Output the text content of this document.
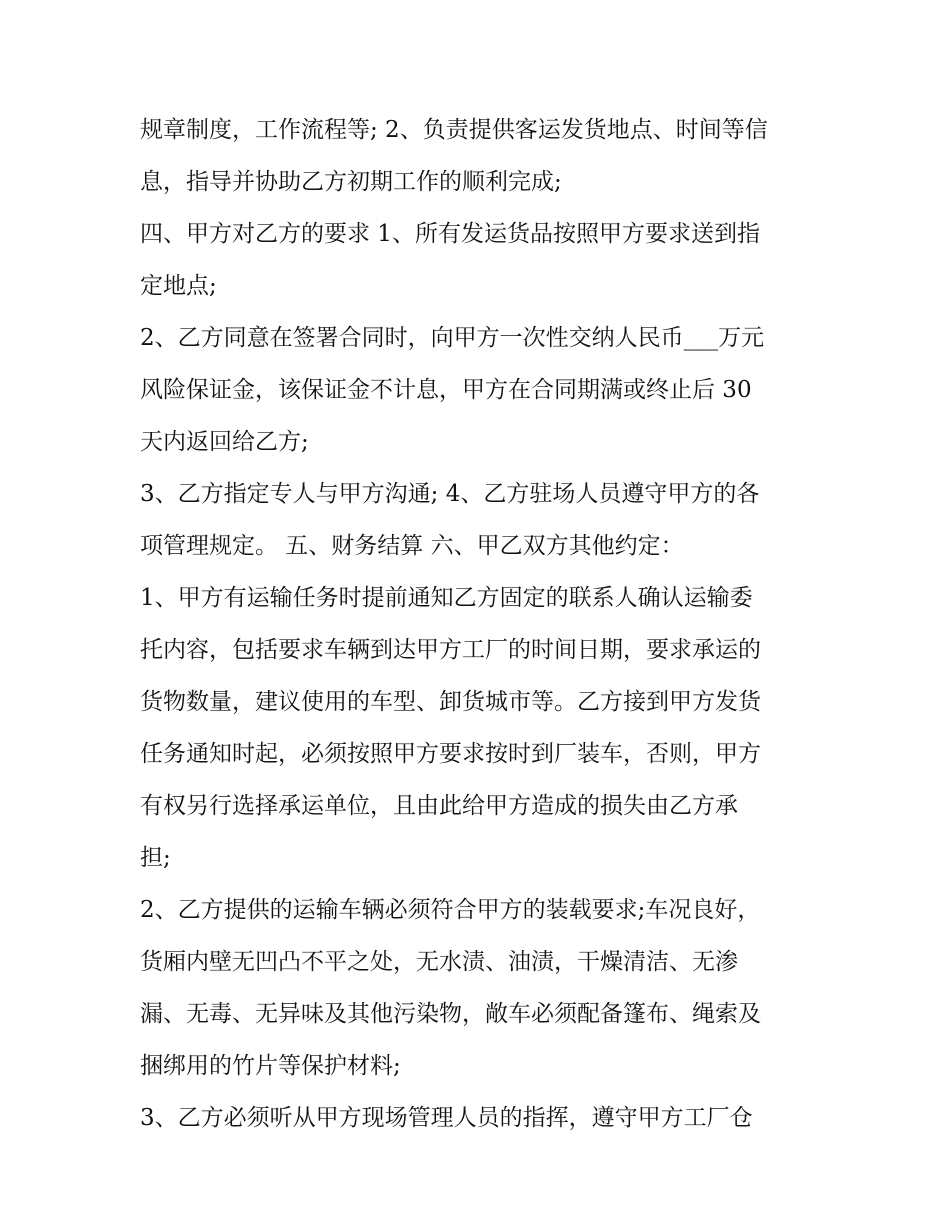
规章制度，工作流程等; 2、负责提供客运发货地点、时间等信
息，指导并协助乙方初期工作的顺利完成;
四、甲方对乙方的要求 1、所有发运货品按照甲方要求送到指
定地点;
2、乙方同意在签署合同时，向甲方一次性交纳人民币___万元
风险保证金，该保证金不计息，甲方在合同期满或终止后 30
天内返回给乙方;
3、乙方指定专人与甲方沟通; 4、乙方驻场人员遵守甲方的各
项管理规定。 五、财务结算 六、甲乙双方其他约定：
1、甲方有运输任务时提前通知乙方固定的联系人确认运输委
托内容，包括要求车辆到达甲方工厂的时间日期，要求承运的
货物数量，建议使用的车型、卸货城市等。乙方接到甲方发货
任务通知时起，必须按照甲方要求按时到厂装车，否则，甲方
有权另行选择承运单位，且由此给甲方造成的损失由乙方承
担;
2、乙方提供的运输车辆必须符合甲方的装载要求;车况良好，
货厢内壁无凹凸不平之处，无水渍、油渍，干燥清洁、无渗
漏、无毒、无异味及其他污染物，敞车必须配备篷布、绳索及
捆绑用的竹片等保护材料;
3、乙方必须听从甲方现场管理人员的指挥，遵守甲方工厂仓
